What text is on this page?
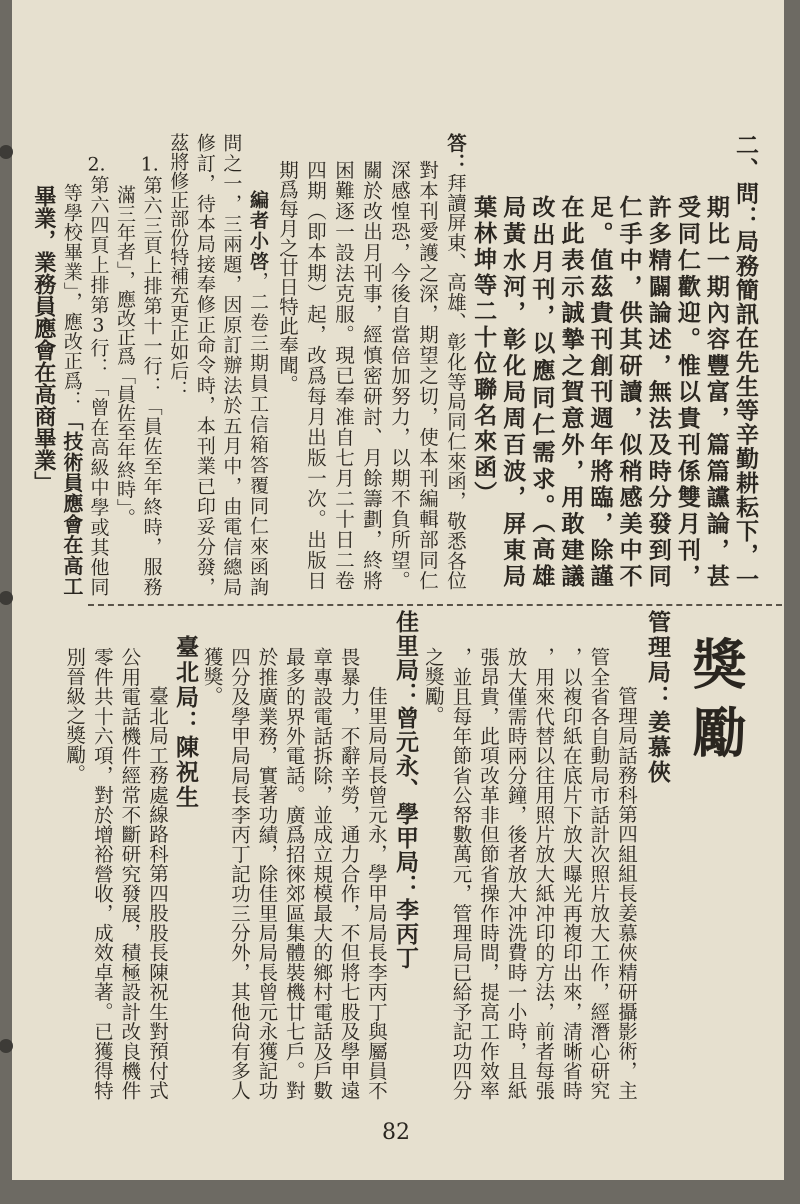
二、問：局務簡訊在先生等辛勤耕耘下，一
期比一期內容豐富，篇篇讜論，甚
受同仁歡迎。惟以貴刊係雙月刊，
許多精闢論述，無法及時分發到同
仁手中，供其研讀，似稍感美中不
足。值茲貴刊創刊週年將臨，除謹
在此表示誠摯之賀意外，用敢建議
改出月刊，以應同仁需求。（高雄
局黃水河，彰化局周百波，屏東局
葉林坤等二十位聯名來函）
答：拜讀屏東、高雄、彰化等局同仁來函，敬悉各位
對本刊愛護之深，期望之切，使本刊編輯部同仁
深感惶恐，今後自當倍加努力，以期不負所望。
關於改出月刊事，經慎密研討、月餘籌劃，終將
困難逐一設法克服。現已奉准自七月二十日二卷
四期（即本期）起，改爲每月出版一次。出版日
期爲每月之廿日特此奉聞。
編者小啓，二卷三期員工信箱答覆同仁來函詢
問之一，三兩題，因原訂辦法於五月中，由電信總局
修訂，待本局接奉修正命令時，本刊業已印妥分發，
茲將修正部份特補充更正如后：
1.第六三頁上排第十一行：「員佐至年終時，服務
滿三年者」，應改正爲「員佐至年終時」。
2.第六四頁上排第3行：「曾在高級中學或其他同
等學校畢業」，應改正爲：「技術員應會在高工
畢業，業務員應會在高商畢業」
獎勵
管理局：姜慕俠
管理局話務科第四組組長姜慕俠精研攝影術，主
管全省各自動局市話計次照片放大工作，經潛心研究
，以複印紙在底片下放大曝光再複印出來，清晰省時
，用來代替以往用照片放大紙冲印的方法，前者每張
放大僅需時兩分鐘，後者放大冲洗費時一小時，且紙
張昂貴，此項改革非但節省操作時間，提高工作效率
，並且每年節省公帑數萬元，管理局已給予記功四分
之獎勵。
佳里局：曾元永、學甲局：李丙丁
佳里局局長曾元永，學甲局局長李丙丁與屬員不
畏暴力，不辭辛勞，通力合作，不但將七股及學甲遠
章專設電話拆除，並成立規模最大的鄉村電話及戶數
最多的界外電話。廣爲招徠郊區集體裝機廿七戶。對
於推廣業務，實著功績，除佳里局局長曾元永獲記功
四分及學甲局局長李丙丁記功三分外，其他尙有多人
獲獎。
臺北局：陳祝生
臺北局工務處線路科第四股股長陳祝生對預付式
公用電話機件經常不斷研究發展，積極設計改良機件
零件共十六項，對於增裕營收，成效卓著。已獲得特
別晉級之獎勵。
82
